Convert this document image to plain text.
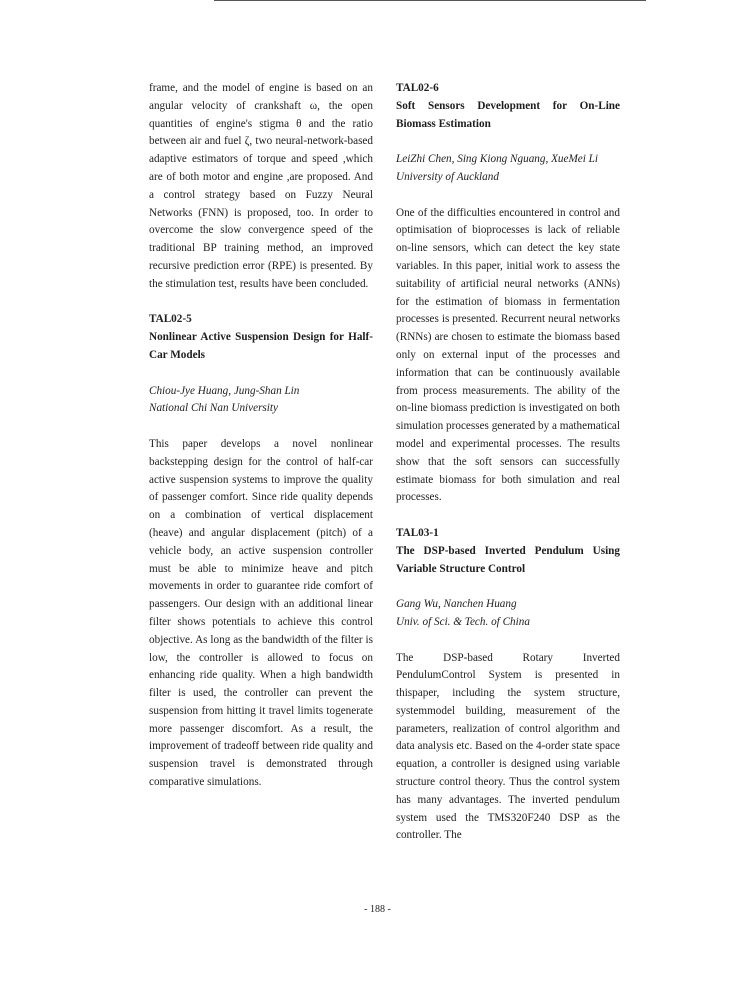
frame, and the model of engine is based on an angular velocity of crankshaft ω, the open quantities of engine's stigma θ and the ratio between air and fuel ζ, two neural-network-based adaptive estimators of torque and speed ,which are of both motor and engine ,are proposed. And a control strategy based on Fuzzy Neural Networks (FNN) is proposed, too. In order to overcome the slow convergence speed of the traditional BP training method, an improved recursive prediction error (RPE) is presented. By the stimulation test, results have been concluded.

TAL02-5
Nonlinear Active Suspension Design for Half-Car Models
Chiou-Jye Huang, Jung-Shan Lin
National Chi Nan University

This paper develops a novel nonlinear backstepping design for the control of half-car active suspension systems to improve the quality of passenger comfort. Since ride quality depends on a combination of vertical displacement (heave) and angular displacement (pitch) of a vehicle body, an active suspension controller must be able to minimize heave and pitch movements in order to guarantee ride comfort of passengers. Our design with an additional linear filter shows potentials to achieve this control objective. As long as the bandwidth of the filter is low, the controller is allowed to focus on enhancing ride quality. When a high bandwidth filter is used, the controller can prevent the suspension from hitting it travel limits togenerate more passenger discomfort. As a result, the improvement of tradeoff between ride quality and suspension travel is demonstrated through comparative simulations.

TAL02-6
Soft Sensors Development for On-Line Biomass Estimation
LeiZhi Chen, Sing Kiong Nguang, XueMei Li
University of Auckland

One of the difficulties encountered in control and optimisation of bioprocesses is lack of reliable on-line sensors, which can detect the key state variables. In this paper, initial work to assess the suitability of artificial neural networks (ANNs) for the estimation of biomass in fermentation processes is presented. Recurrent neural networks (RNNs) are chosen to estimate the biomass based only on external input of the processes and information that can be continuously available from process measurements. The ability of the on-line biomass prediction is investigated on both simulation processes generated by a mathematical model and experimental processes. The results show that the soft sensors can successfully estimate biomass for both simulation and real processes.

TAL03-1
The DSP-based Inverted Pendulum Using Variable Structure Control
Gang Wu, Nanchen Huang
Univ. of Sci. & Tech. of China

The DSP-based Rotary Inverted PendulumControl System is presented in thispaper, including the system structure, systemmodel building, measurement of the parameters, realization of control algorithm and data analysis etc. Based on the 4-order state space equation, a controller is designed using variable structure control theory. Thus the control system has many advantages. The inverted pendulum system used the TMS320F240 DSP as the controller. The

- 188 -
